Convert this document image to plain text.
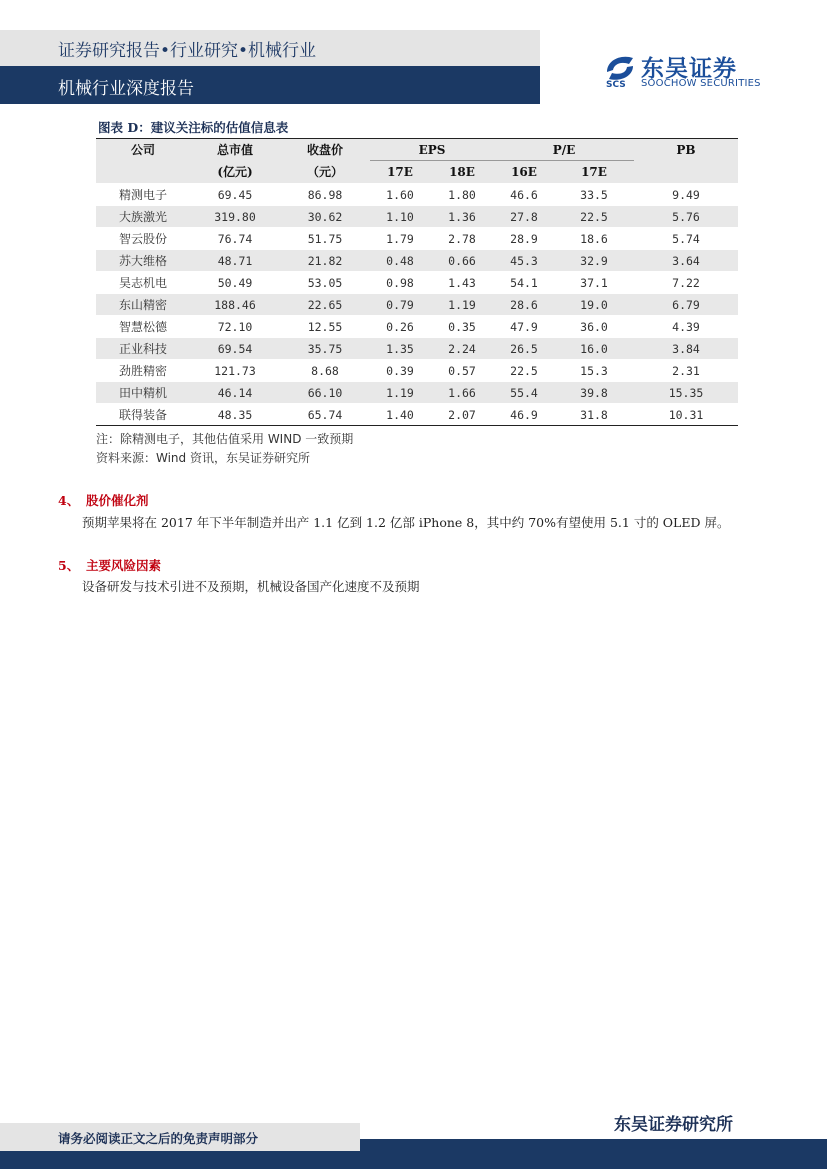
证券研究报告•行业研究•机械行业
机械行业深度报告	SCS
东吴证券
SOOCHOW SECURITIES
图表 D：建议关注标的估值信息表
公司	总市值	收盘价	EPS		P/E		PB
	(亿元)	（元）	17E	18E	16E	17E	
精测电子	69.45	86.98	1.60	1.80	46.6	33.5	9.49
大族激光	319.80	30.62	1.10	1.36	27.8	22.5	5.76
智云股份	76.74	51.75	1.79	2.78	28.9	18.6	5.74
苏大维格	48.71	21.82	0.48	0.66	45.3	32.9	3.64
昊志机电	50.49	53.05	0.98	1.43	54.1	37.1	7.22
东山精密	188.46	22.65	0.79	1.19	28.6	19.0	6.79
智慧松德	72.10	12.55	0.26	0.35	47.9	36.0	4.39
正业科技	69.54	35.75	1.35	2.24	26.5	16.0	3.84
劲胜精密	121.73	8.68	0.39	0.57	22.5	15.3	2.31
田中精机	46.14	66.10	1.19	1.66	55.4	39.8	15.35
联得装备	48.35	65.74	1.40	2.07	46.9	31.8	10.31
注：除精测电子，其他估值采用 WIND 一致预期
资料来源：Wind 资讯，东吴证券研究所
4、 股价催化剂
预期苹果将在 2017 年下半年制造并出产 1.1 亿到 1.2 亿部 iPhone 8，其中约 70%有望使用 5.1 寸的 OLED 屏。
5、 主要风险因素
设备研发与技术引进不及预期，机械设备国产化速度不及预期
东吴证券研究所
请务必阅读正文之后的免责声明部分
